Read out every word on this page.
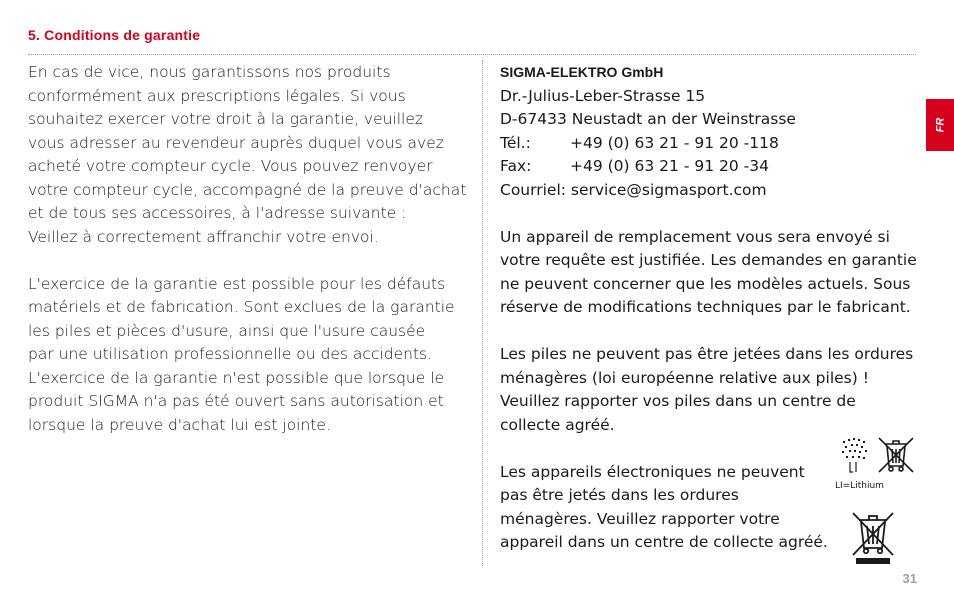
5. Conditions de garantie

En cas de vice, nous garantissons nos produits
conformément aux prescriptions légales. Si vous
souhaitez exercer votre droit à la garantie, veuillez
vous adresser au revendeur auprès duquel vous avez
acheté votre compteur cycle. Vous pouvez renvoyer
votre compteur cycle, accompagné de la preuve d'achat
et de tous ses accessoires, à l'adresse suivante :
Veillez à correctement affranchir votre envoi.

L'exercice de la garantie est possible pour les défauts
matériels et de fabrication. Sont exclues de la garantie
les piles et pièces d'usure, ainsi que l'usure causée
par une utilisation professionnelle ou des accidents.
L'exercice de la garantie n'est possible que lorsque le
produit SIGMA n'a pas été ouvert sans autorisation et
lorsque la preuve d'achat lui est jointe.

SIGMA-ELEKTRO GmbH
Dr.-Julius-Leber-Strasse 15
D-67433 Neustadt an der Weinstrasse
Tél.:	+49 (0) 63 21 - 91 20 -118
Fax:	+49 (0) 63 21 - 91 20 -34
Courriel: service@sigmasport.com

Un appareil de remplacement vous sera envoyé si
votre requête est justifiée. Les demandes en garantie
ne peuvent concerner que les modèles actuels. Sous
réserve de modifications techniques par le fabricant.

Les piles ne peuvent pas être jetées dans les ordures
ménagères (loi européenne relative aux piles) !
Veuillez rapporter vos piles dans un centre de
collecte agréé.

Les appareils électroniques ne peuvent
pas être jetés dans les ordures
ménagères. Veuillez rapporter votre
appareil dans un centre de collecte agréé.

LI=Lithium
FR
31
